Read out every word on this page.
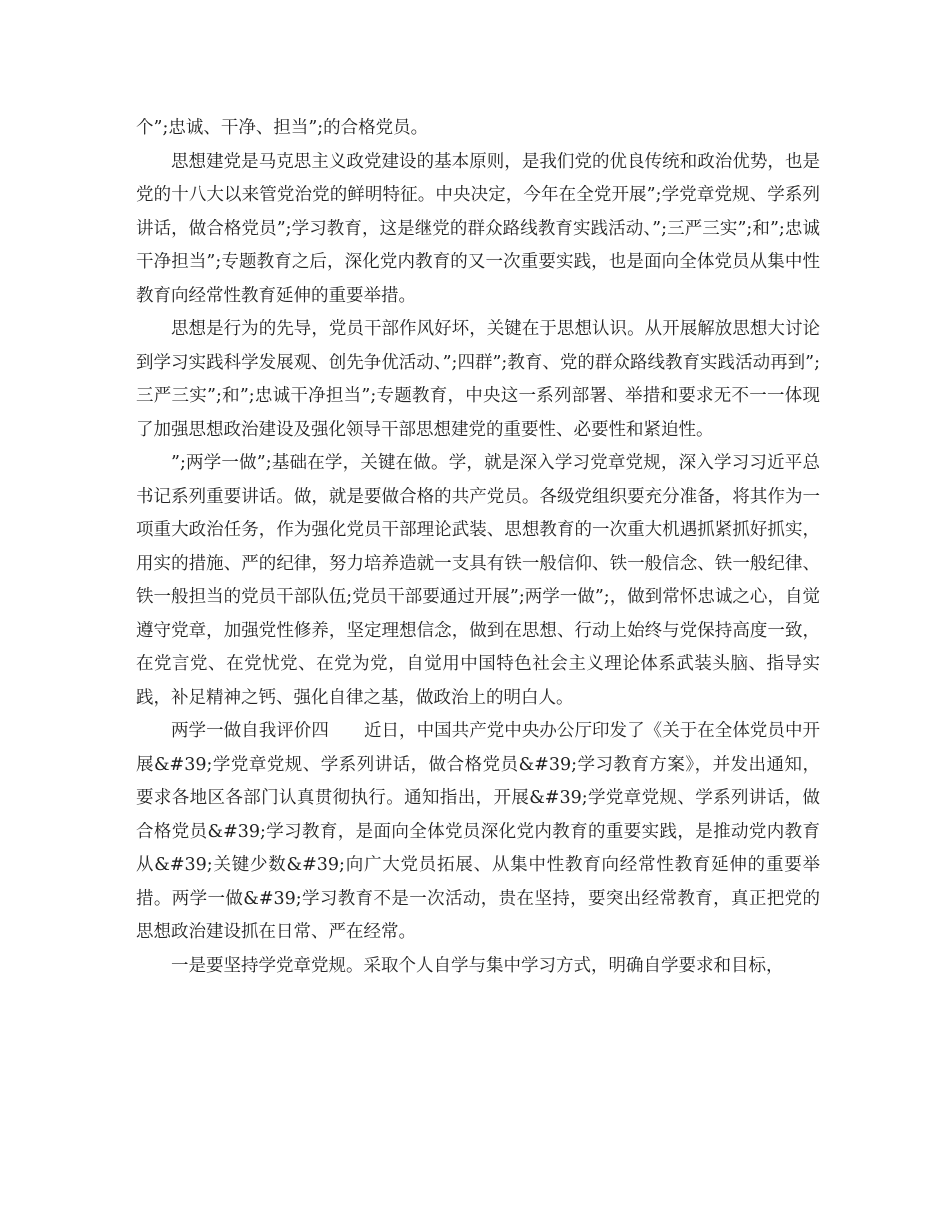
个”;忠诚、干净、担当”;的合格党员。

思想建党是马克思主义政党建设的基本原则，是我们党的优良传统和政治优势，也是党的十八大以来管党治党的鲜明特征。中央决定，今年在全党开展”;学党章党规、学系列讲话，做合格党员”;学习教育，这是继党的群众路线教育实践活动、”;三严三实”;和”;忠诚干净担当”;专题教育之后，深化党内教育的又一次重要实践，也是面向全体党员从集中性教育向经常性教育延伸的重要举措。

思想是行为的先导，党员干部作风好坏，关键在于思想认识。从开展解放思想大讨论到学习实践科学发展观、创先争优活动、”;四群”;教育、党的群众路线教育实践活动再到”;三严三实”;和”;忠诚干净担当”;专题教育，中央这一系列部署、举措和要求无不一一体现了加强思想政治建设及强化领导干部思想建党的重要性、必要性和紧迫性。

”;两学一做”;基础在学，关键在做。学，就是深入学习党章党规，深入学习习近平总书记系列重要讲话。做，就是要做合格的共产党员。各级党组织要充分准备，将其作为一项重大政治任务，作为强化党员干部理论武装、思想教育的一次重大机遇抓紧抓好抓实，用实的措施、严的纪律，努力培养造就一支具有铁一般信仰、铁一般信念、铁一般纪律、铁一般担当的党员干部队伍;党员干部要通过开展”;两学一做”;，做到常怀忠诚之心，自觉遵守党章，加强党性修养，坚定理想信念，做到在思想、行动上始终与党保持高度一致，在党言党、在党忧党、在党为党，自觉用中国特色社会主义理论体系武装头脑、指导实践，补足精神之钙、强化自律之基，做政治上的明白人。

两学一做自我评价四　　近日，中国共产党中央办公厅印发了《关于在全体党员中开展&#39;学党章党规、学系列讲话，做合格党员&#39;学习教育方案》，并发出通知，要求各地区各部门认真贯彻执行。通知指出，开展&#39;学党章党规、学系列讲话，做合格党员&#39;学习教育，是面向全体党员深化党内教育的重要实践，是推动党内教育从&#39;关键少数&#39;向广大党员拓展、从集中性教育向经常性教育延伸的重要举措。两学一做&#39;学习教育不是一次活动，贵在坚持，要突出经常教育，真正把党的思想政治建设抓在日常、严在经常。

一是要坚持学党章党规。采取个人自学与集中学习方式，明确自学要求和目标，
